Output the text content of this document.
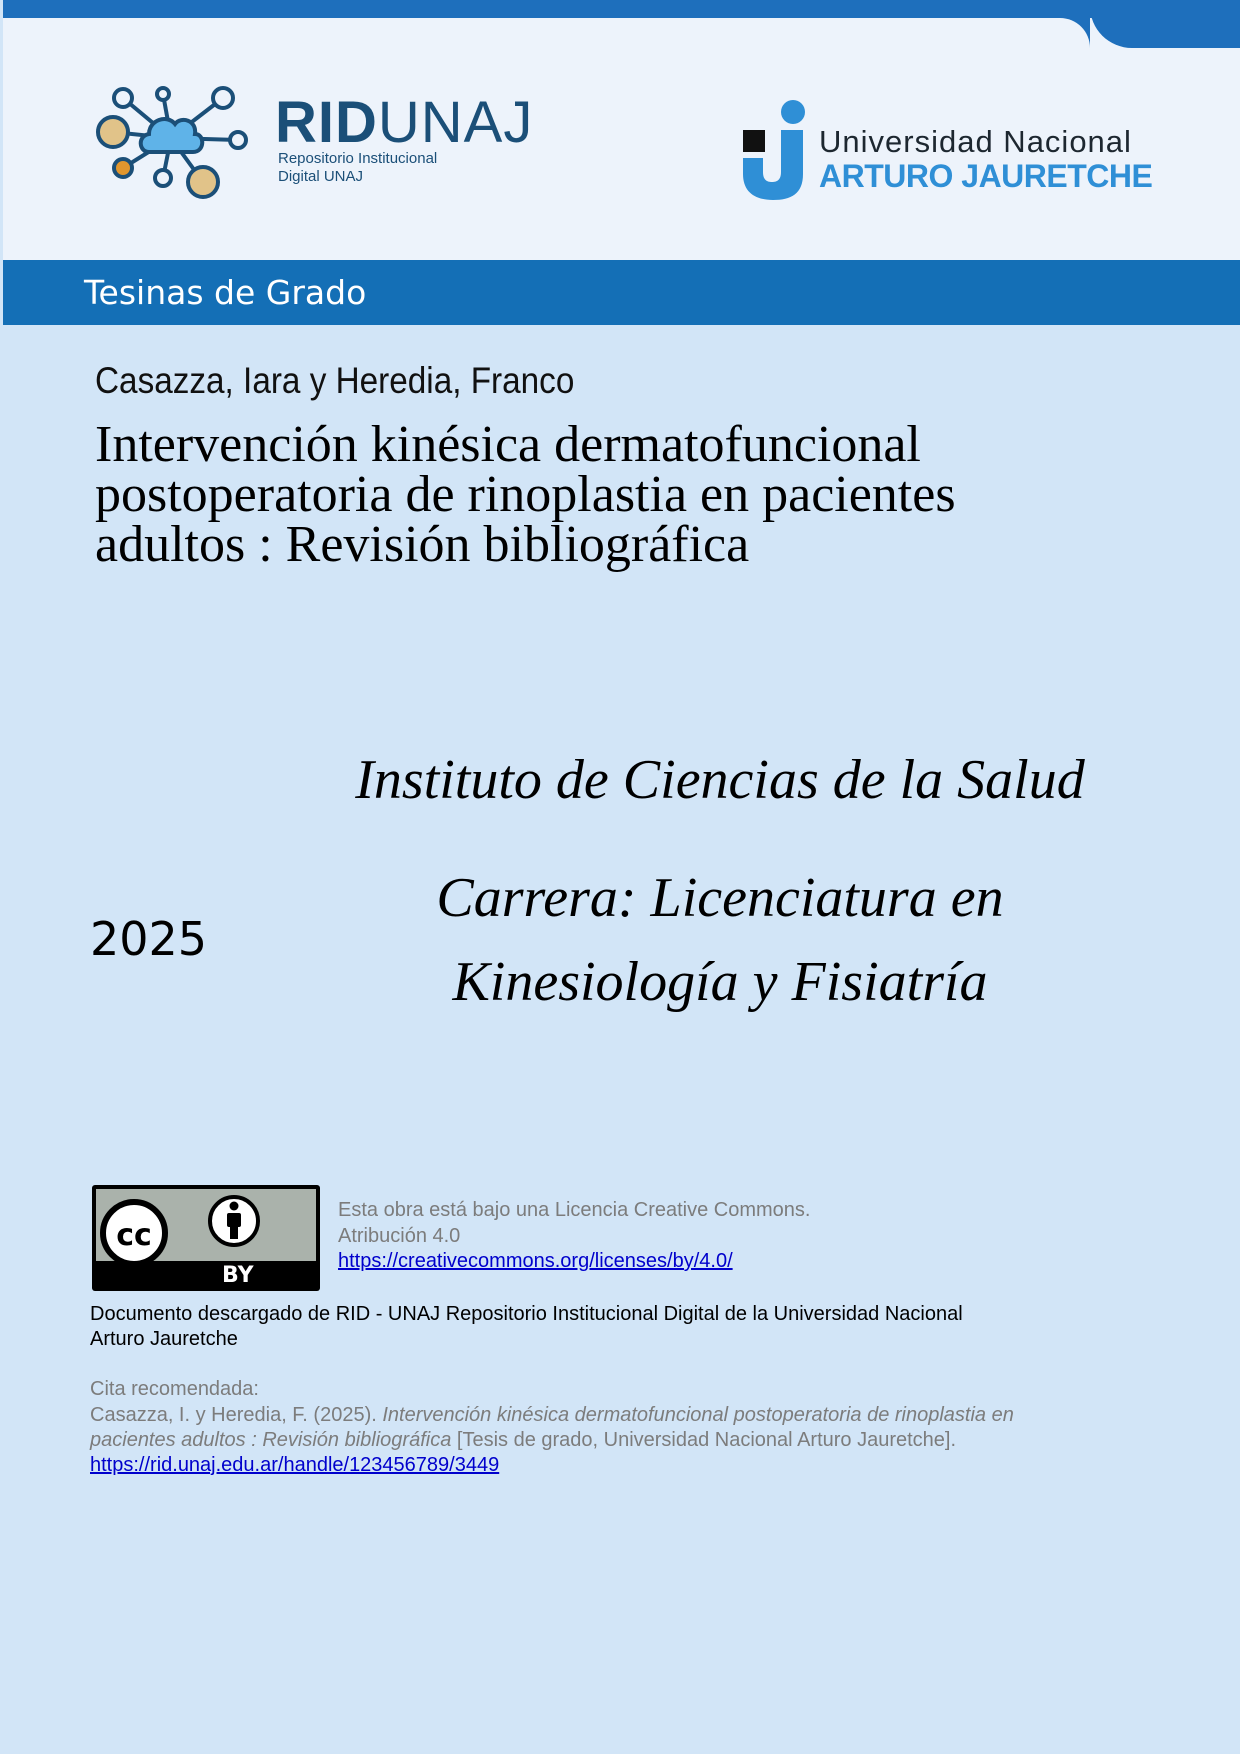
RIDUNAJ
Repositorio Institucional
Digital UNAJ
Universidad Nacional
ARTURO JAURETCHE
Tesinas de Grado
Casazza, Iara y Heredia, Franco
Intervención kinésica dermatofuncional postoperatoria de rinoplastia en pacientes adultos : Revisión bibliográfica
Instituto de Ciencias de la Salud
Carrera: Licenciatura en Kinesiología y Fisiatría
2025
cc
BY
Esta obra está bajo una Licencia Creative Commons.
Atribución 4.0
https://creativecommons.org/licenses/by/4.0/
Documento descargado de RID - UNAJ Repositorio Institucional Digital de la Universidad Nacional Arturo Jauretche
Cita recomendada:
Casazza, I. y Heredia, F. (2025). Intervención kinésica dermatofuncional postoperatoria de rinoplastia en pacientes adultos : Revisión bibliográfica [Tesis de grado, Universidad Nacional Arturo Jauretche].
https://rid.unaj.edu.ar/handle/123456789/3449
